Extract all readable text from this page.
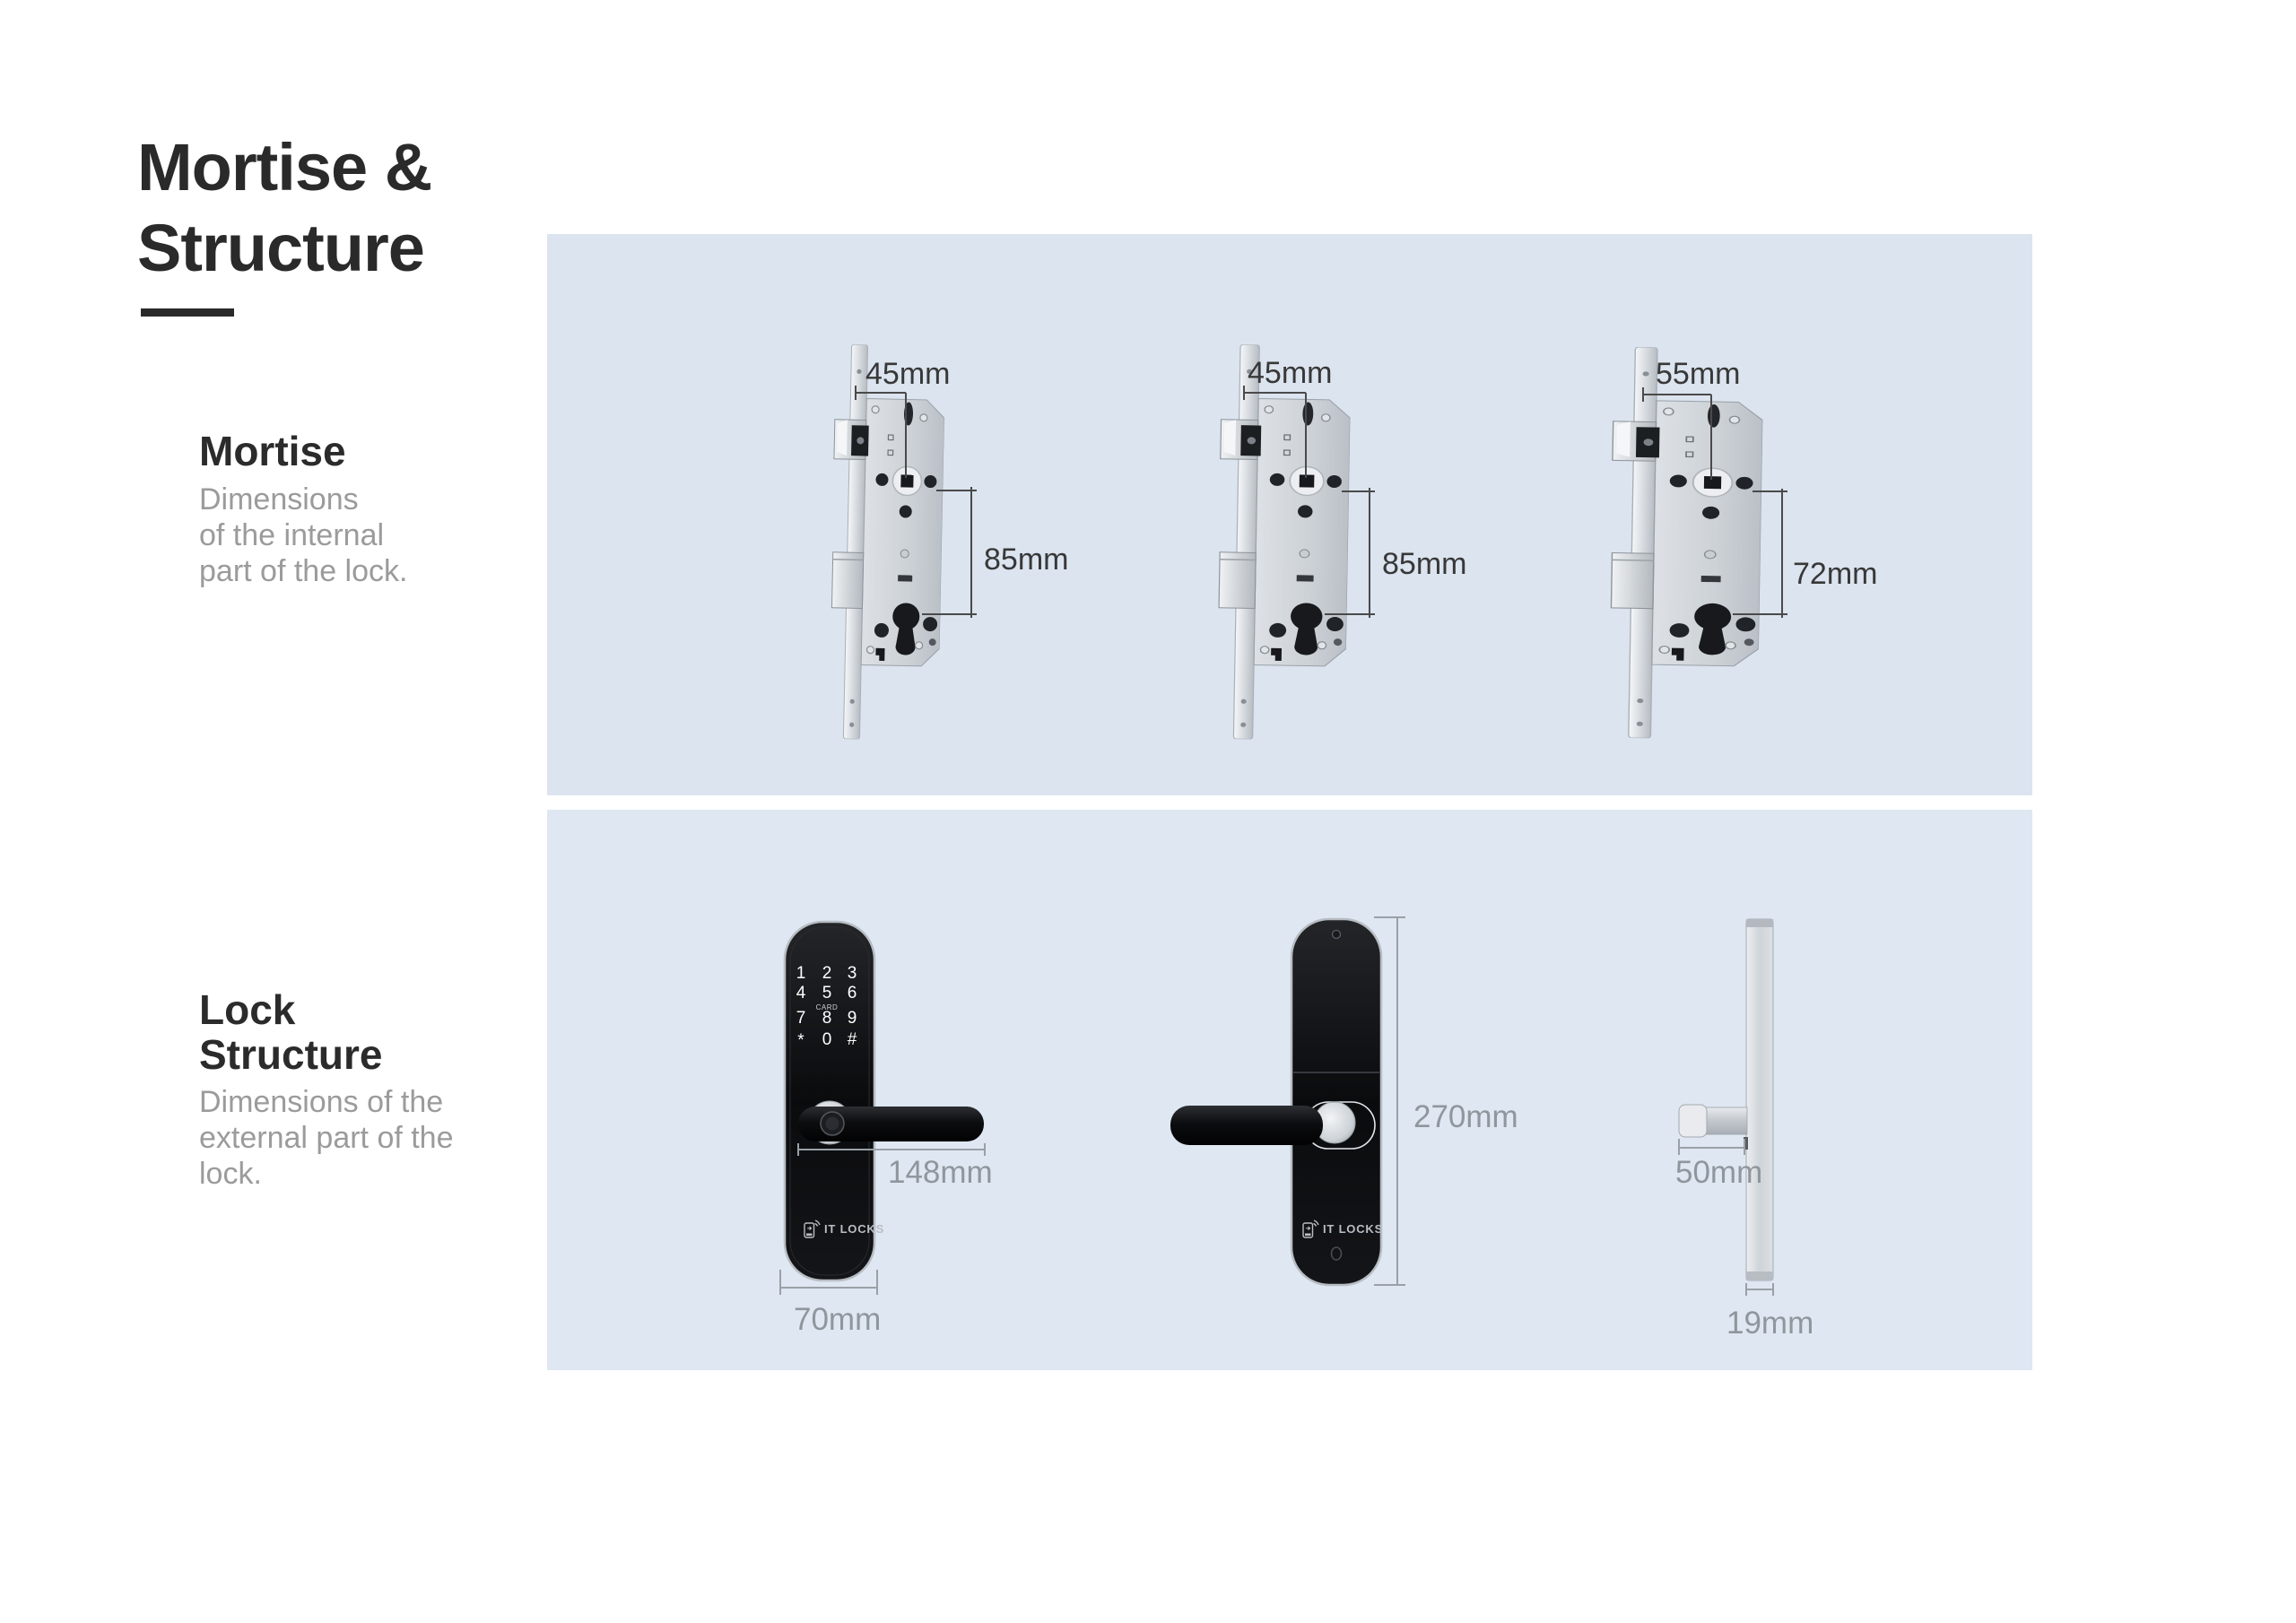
Mortise &
Structure
Mortise
Dimensions
of the internal
part of the lock.
Lock
Structure
Dimensions of the
external part of the
lock.
45mm
85mm
45mm
85mm
55mm
72mm
1 2 3
4 5 6
CARD
7 8 9
*	0 #
IT LOCKS
148mm
70mm
IT LOCKS
270mm
50mm
19mm
